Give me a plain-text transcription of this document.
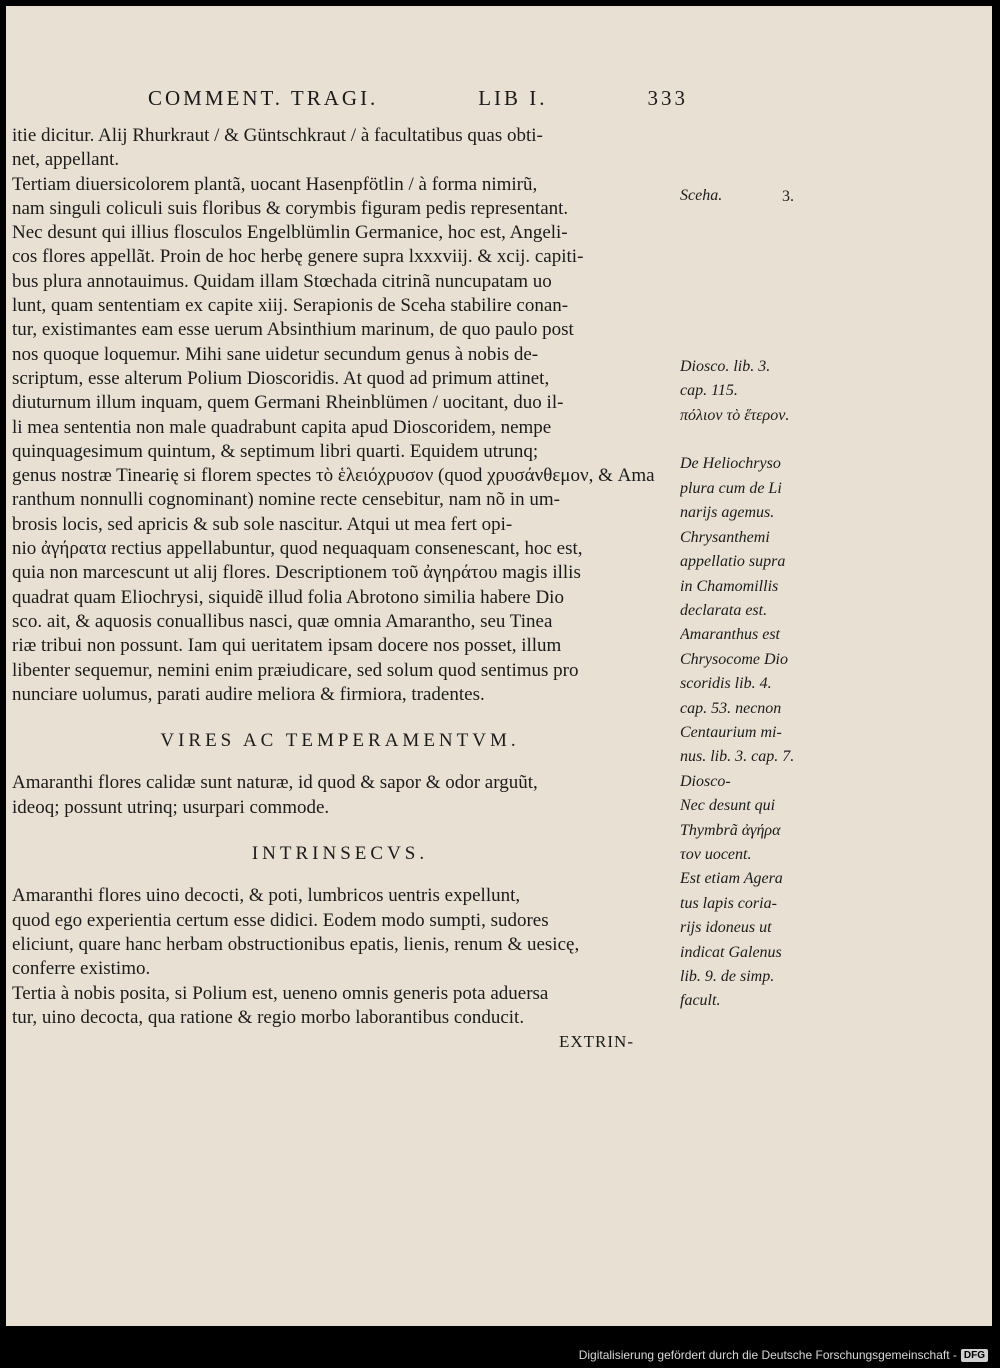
COMMENT. TRAGI.	LIB I.	333
itie dicitur. Alij Rhurkraut / & Güntschkraut / à facultatibus quas obti-
net, appellant.
Tertiam diuersicolorem plantã, uocant Hasenpfötlin / à forma nimirũ,
nam singuli coliculi suis floribus & corymbis figuram pedis representant.
Nec desunt qui illius flosculos Engelblümlin Germanice, hoc est, Angeli-
cos flores appellãt. Proin de hoc herbę genere supra lxxxviij. & xcij. capiti-
bus plura annotauimus. Quidam illam Stœchada citrinã nuncupatam uo
lunt, quam sententiam ex capite xiij. Serapionis de Sceha stabilire conan-
tur, existimantes eam esse uerum Absinthium marinum, de quo paulo post
nos quoque loquemur. Mihi sane uidetur secundum genus à nobis de-
scriptum, esse alterum Polium Dioscoridis. At quod ad primum attinet,
diuturnum illum inquam, quem Germani Rheinblümen / uocitant, duo il-
li mea sententia non male quadrabunt capita apud Dioscoridem, nempe
quinquagesimum quintum, & septimum libri quarti. Equidem utrunq;
genus nostræ Tinearię si florem spectes τὸ ἑλειόχρυσον (quod χρυσάνθεμον, & Ama
ranthum nonnulli cognominant) nomine recte censebitur, nam nõ in um-
brosis locis, sed apricis & sub sole nascitur. Atqui ut mea fert opi-
nio ἀγήρατα rectius appellabuntur, quod nequaquam consenescant, hoc est,
quia non marcescunt ut alij flores. Descriptionem τοῦ ἀγηράτου magis illis
quadrat quam Eliochrysi, siquidẽ illud folia Abrotono similia habere Dio
sco. ait, & aquosis conuallibus nasci, quæ omnia Amarantho, seu Tinea
riæ tribui non possunt. Iam qui ueritatem ipsam docere nos posset, illum
libenter sequemur, nemini enim præiudicare, sed solum quod sentimus pro
nunciare uolumus, parati audire meliora & firmiora, tradentes.
VIRES AC TEMPERAMENTVM.
Amaranthi flores calidæ sunt naturæ, id quod & sapor & odor arguũt,
ideoq; possunt utrinq; usurpari commode.
INTRINSECVS.
Amaranthi flores uino decocti, & poti, lumbricos uentris expellunt,
quod ego experientia certum esse didici. Eodem modo sumpti, sudores
eliciunt, quare hanc herbam obstructionibus epatis, lienis, renum & uesicę,
conferre existimo.
Tertia à nobis posita, si Polium est, ueneno omnis generis pota aduersa
tur, uino decocta, qua ratione & regio morbo laborantibus conducit.
EXTRIN-
3.
Sceha.

Diosco. lib. 3.
cap. 115.
πόλιον τὸ ἕτερον.

De Heliochryso
plura cum de Li
narijs agemus.
Chrysanthemi
appellatio supra
in Chamomillis
declarata est.
Amaranthus est
Chrysocome Dio
scoridis lib. 4.
cap. 53. necnon
Centaurium mi-
nus. lib. 3. cap. 7.
Diosco-
Nec desunt qui
Thymbrã ἀγήρα
τον uocent.
Est etiam Agera
tus lapis coria-
rijs idoneus ut
indicat Galenus
lib. 9. de simp.
facult.
Digitalisierung gefördert durch die Deutsche Forschungsgemeinschaft - DFG
